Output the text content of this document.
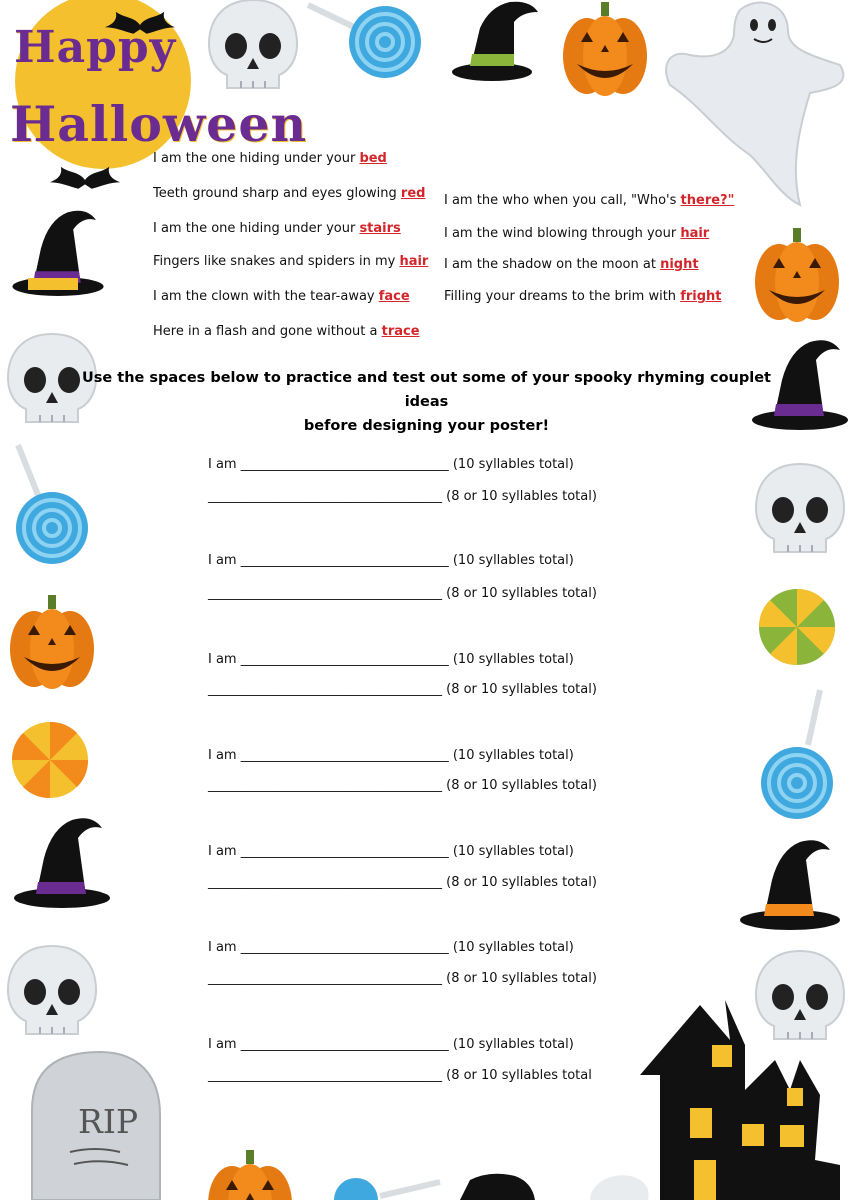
Happy
Halloween
RIP
I am the one hiding under your bed
Teeth ground sharp and eyes glowing red
I am the one hiding under your stairs
Fingers like snakes and spiders in my hair
I am the clown with the tear-away face
Here in a flash and gone without a trace
I am the who when you call, "Who's there?"
I am the wind blowing through your hair
I am the shadow on the moon at night
Filling your dreams to the brim with fright
Use the spaces below to practice and test out some of your spooky rhyming couplet ideas
before designing your poster!
I am ________________________________ (10 syllables total)
____________________________________ (8 or 10 syllables total)
I am ________________________________ (10 syllables total)
____________________________________ (8 or 10 syllables total)
I am ________________________________ (10 syllables total)
____________________________________ (8 or 10 syllables total)
I am ________________________________ (10 syllables total)
____________________________________ (8 or 10 syllables total)
I am ________________________________ (10 syllables total)
____________________________________ (8 or 10 syllables total)
I am ________________________________ (10 syllables total)
____________________________________ (8 or 10 syllables total)
I am ________________________________ (10 syllables total)
____________________________________ (8 or 10 syllables total
